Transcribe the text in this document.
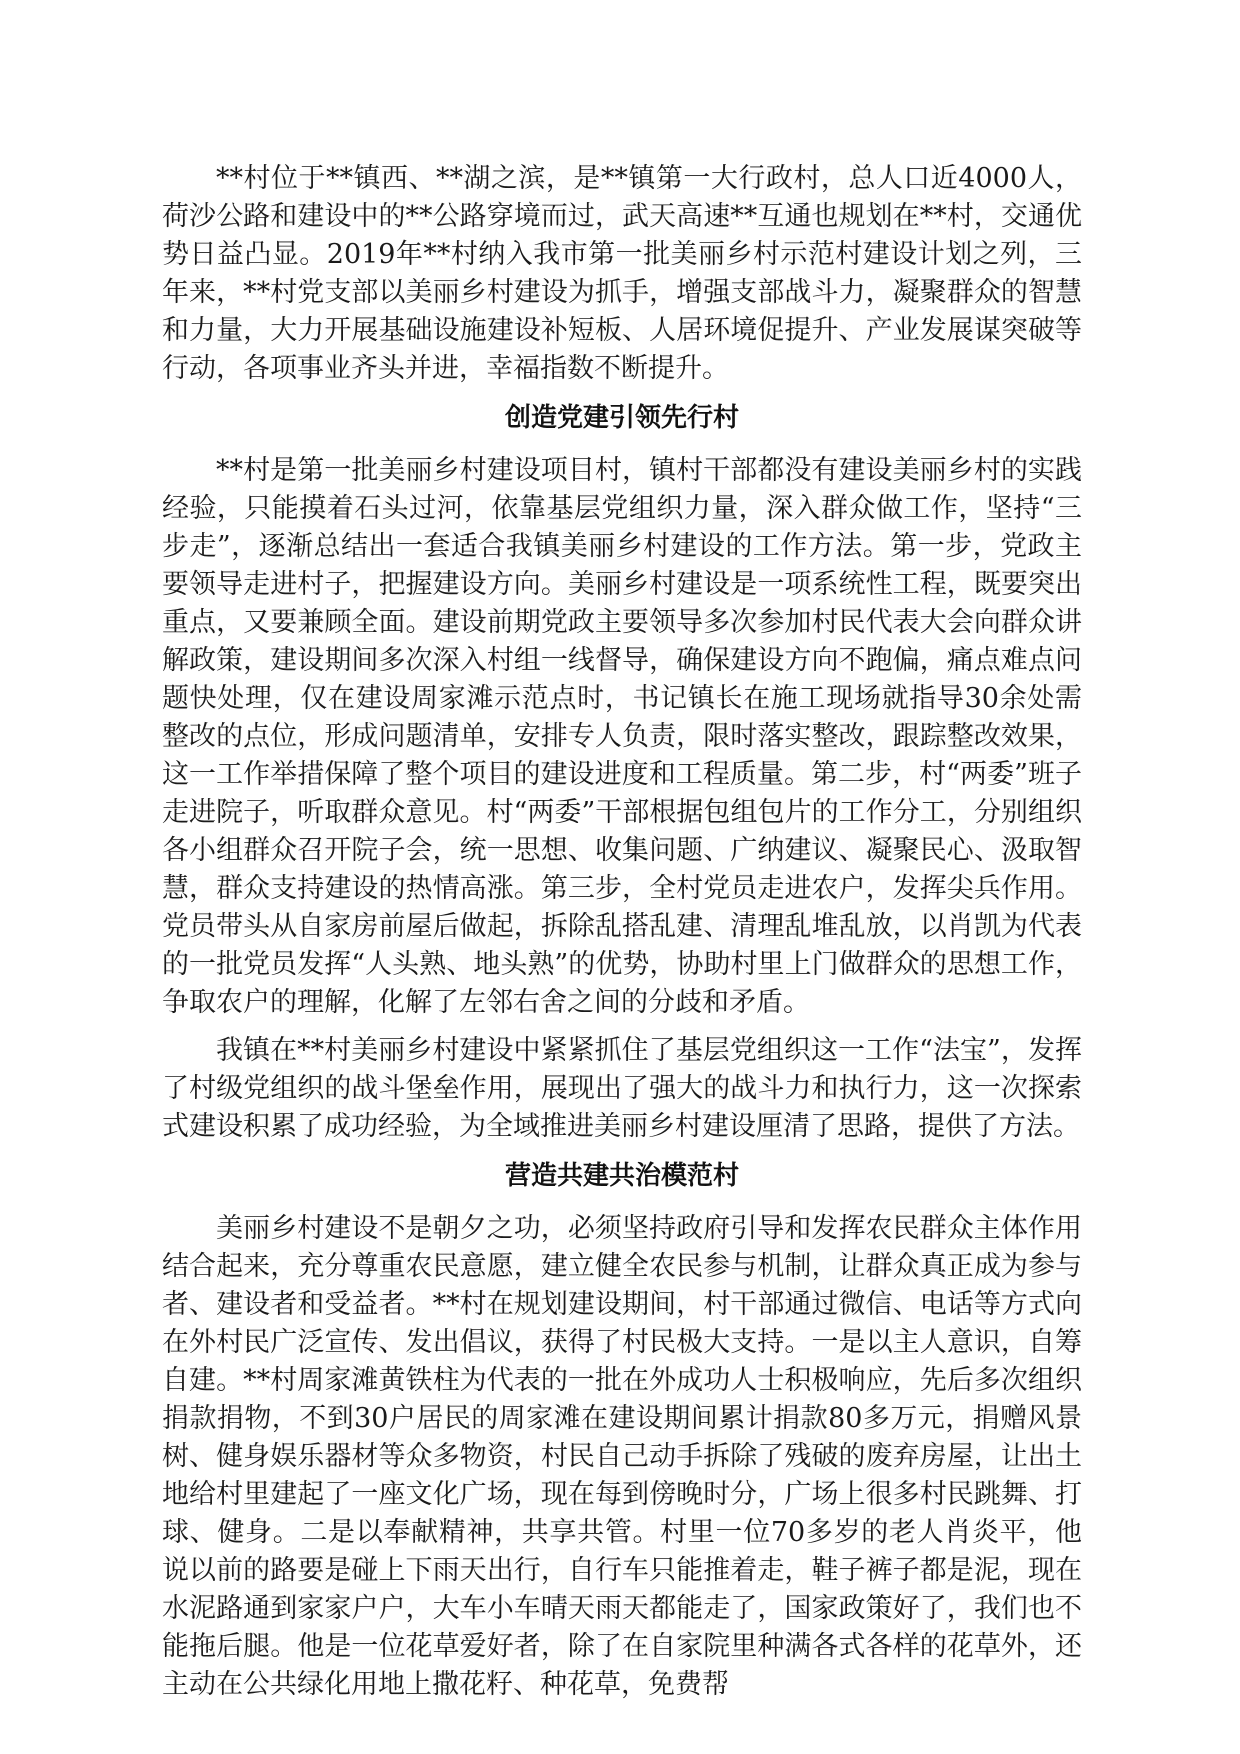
**村位于**镇西、**湖之滨，是**镇第一大行政村，总人口近4000人，荷沙公路和建设中的**公路穿境而过，武天高速**互通也规划在**村，交通优势日益凸显。2019年**村纳入我市第一批美丽乡村示范村建设计划之列，三年来，**村党支部以美丽乡村建设为抓手，增强支部战斗力，凝聚群众的智慧和力量，大力开展基础设施建设补短板、人居环境促提升、产业发展谋突破等行动，各项事业齐头并进，幸福指数不断提升。

创造党建引领先行村

**村是第一批美丽乡村建设项目村，镇村干部都没有建设美丽乡村的实践经验，只能摸着石头过河，依靠基层党组织力量，深入群众做工作，坚持“三步走”，逐渐总结出一套适合我镇美丽乡村建设的工作方法。第一步，党政主要领导走进村子，把握建设方向。美丽乡村建设是一项系统性工程，既要突出重点，又要兼顾全面。建设前期党政主要领导多次参加村民代表大会向群众讲解政策，建设期间多次深入村组一线督导，确保建设方向不跑偏，痛点难点问题快处理，仅在建设周家滩示范点时，书记镇长在施工现场就指导30余处需整改的点位，形成问题清单，安排专人负责，限时落实整改，跟踪整改效果，这一工作举措保障了整个项目的建设进度和工程质量。第二步，村“两委”班子走进院子，听取群众意见。村“两委”干部根据包组包片的工作分工，分别组织各小组群众召开院子会，统一思想、收集问题、广纳建议、凝聚民心、汲取智慧，群众支持建设的热情高涨。第三步，全村党员走进农户，发挥尖兵作用。党员带头从自家房前屋后做起，拆除乱搭乱建、清理乱堆乱放，以肖凯为代表的一批党员发挥“人头熟、地头熟”的优势，协助村里上门做群众的思想工作，争取农户的理解，化解了左邻右舍之间的分歧和矛盾。

我镇在**村美丽乡村建设中紧紧抓住了基层党组织这一工作“法宝”，发挥了村级党组织的战斗堡垒作用，展现出了强大的战斗力和执行力，这一次探索式建设积累了成功经验，为全域推进美丽乡村建设厘清了思路，提供了方法。

营造共建共治模范村

美丽乡村建设不是朝夕之功，必须坚持政府引导和发挥农民群众主体作用结合起来，充分尊重农民意愿，建立健全农民参与机制，让群众真正成为参与者、建设者和受益者。**村在规划建设期间，村干部通过微信、电话等方式向在外村民广泛宣传、发出倡议，获得了村民极大支持。一是以主人意识，自筹自建。**村周家滩黄铁柱为代表的一批在外成功人士积极响应，先后多次组织捐款捐物，不到30户居民的周家滩在建设期间累计捐款80多万元，捐赠风景树、健身娱乐器材等众多物资，村民自己动手拆除了残破的废弃房屋，让出土地给村里建起了一座文化广场，现在每到傍晚时分，广场上很多村民跳舞、打球、健身。二是以奉献精神，共享共管。村里一位70多岁的老人肖炎平，他说以前的路要是碰上下雨天出行，自行车只能推着走，鞋子裤子都是泥，现在水泥路通到家家户户，大车小车晴天雨天都能走了，国家政策好了，我们也不能拖后腿。他是一位花草爱好者，除了在自家院里种满各式各样的花草外，还主动在公共绿化用地上撒花籽、种花草，免费帮
